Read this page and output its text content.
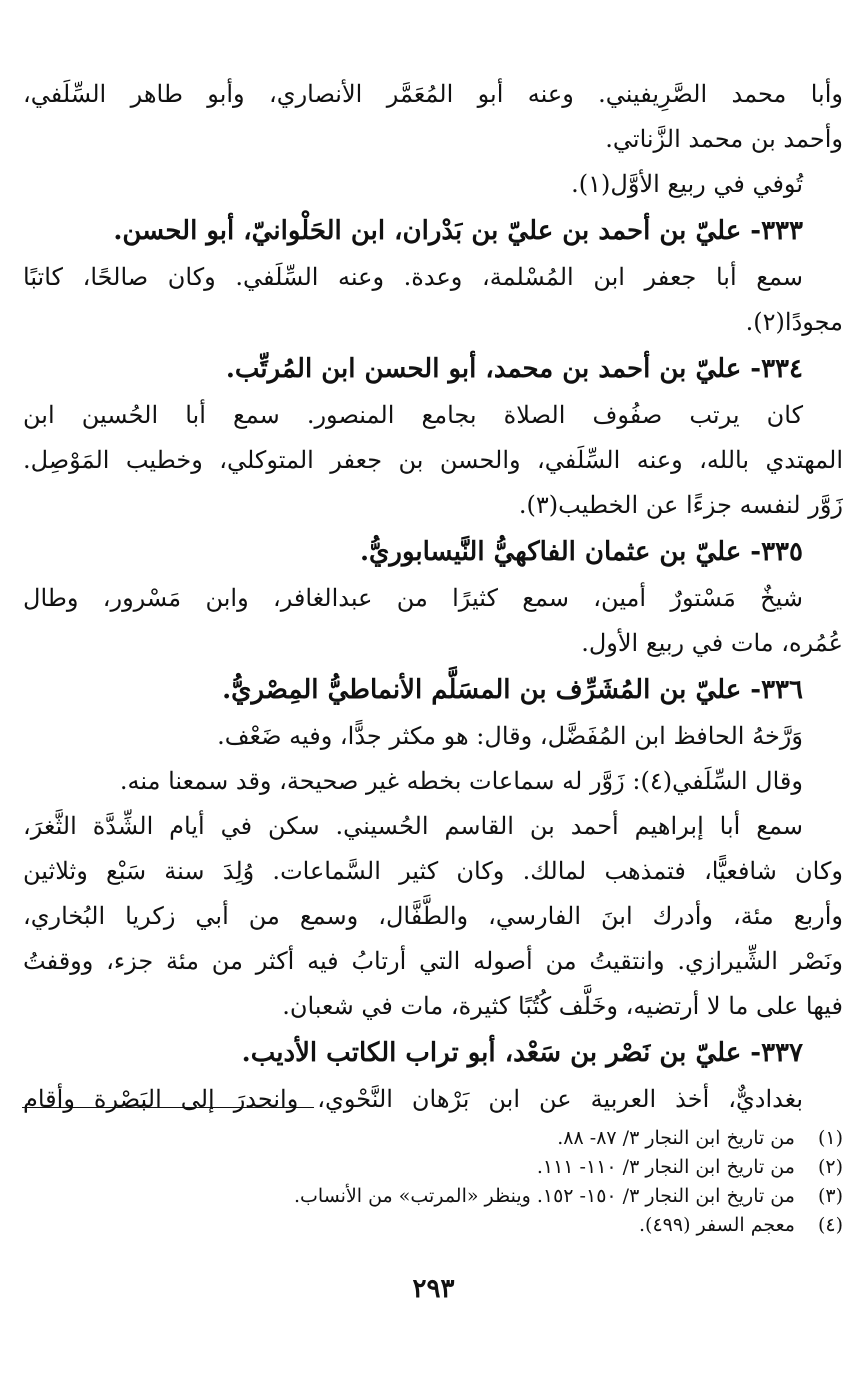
وأبا محمد الصَّرِيفيني. وعنه أبو المُعَمَّر الأنصاري، وأبو طاهر السِّلَفي،
وأحمد بن محمد الزَّناتي.
تُوفي في ربيع الأوَّل(١).
٣٣٣- عليّ بن أحمد بن عليّ بن بَدْران، ابن الحَلْوانيّ، أبو الحسن.
سمع أبا جعفر ابن المُسْلمة، وعدة. وعنه السِّلَفي. وكان صالحًا، كاتبًا
مجودًا(٢).
٣٣٤- عليّ بن أحمد بن محمد، أبو الحسن ابن المُرتِّب.
كان يرتب صفُوف الصلاة بجامع المنصور. سمع أبا الحُسين ابن
المهتدي بالله، وعنه السِّلَفي، والحسن بن جعفر المتوكلي، وخطيب المَوْصِل.
زَوَّر لنفسه جزءًا عن الخطيب(٣).
٣٣٥- عليّ بن عثمان الفاكهيُّ النَّيسابوريُّ.
شيخٌ مَسْتورٌ أمين، سمع كثيرًا من عبدالغافر، وابن مَسْرور، وطال
عُمُره، مات في ربيع الأول.
٣٣٦- عليّ بن المُشَرِّف بن المسَلَّم الأنماطيُّ المِصْريُّ.
وَرَّخهُ الحافظ ابن المُفَضَّل، وقال: هو مكثر جدًّا، وفيه ضَعْف.
وقال السِّلَفي(٤): زَوَّر له سماعات بخطه غير صحيحة، وقد سمعنا منه.
سمع أبا إبراهيم أحمد بن القاسم الحُسيني. سكن في أيام الشِّدَّة الثَّغرَ،
وكان شافعيًّا، فتمذهب لمالك. وكان كثير السَّماعات. وُلِدَ سنة سَبْع وثلاثين
وأربع مئة، وأدرك ابنَ الفارسي، والطَّفَّال، وسمع من أبي زكريا البُخاري،
ونَصْر الشِّيرازي. وانتقيتُ من أصوله التي أرتابُ فيه أكثر من مئة جزء، ووقفتُ
فيها على ما لا أرتضيه، وخَلَّف كُتُبًا كثيرة، مات في شعبان.
٣٣٧- عليّ بن نَصْر بن سَعْد، أبو تراب الكاتب الأديب.
بغداديٌّ، أخذ العربية عن ابن بَرْهان النَّحْوي، وانحدرَ إلى البَصْرة وأقام
(١) من تاريخ ابن النجار ٣/ ٨٧- ٨٨.
(٢) من تاريخ ابن النجار ٣/ ١١٠- ١١١.
(٣) من تاريخ ابن النجار ٣/ ١٥٠- ١٥٢. وينظر «المرتب» من الأنساب.
(٤) معجم السفر (٤٩٩).
٢٩٣
